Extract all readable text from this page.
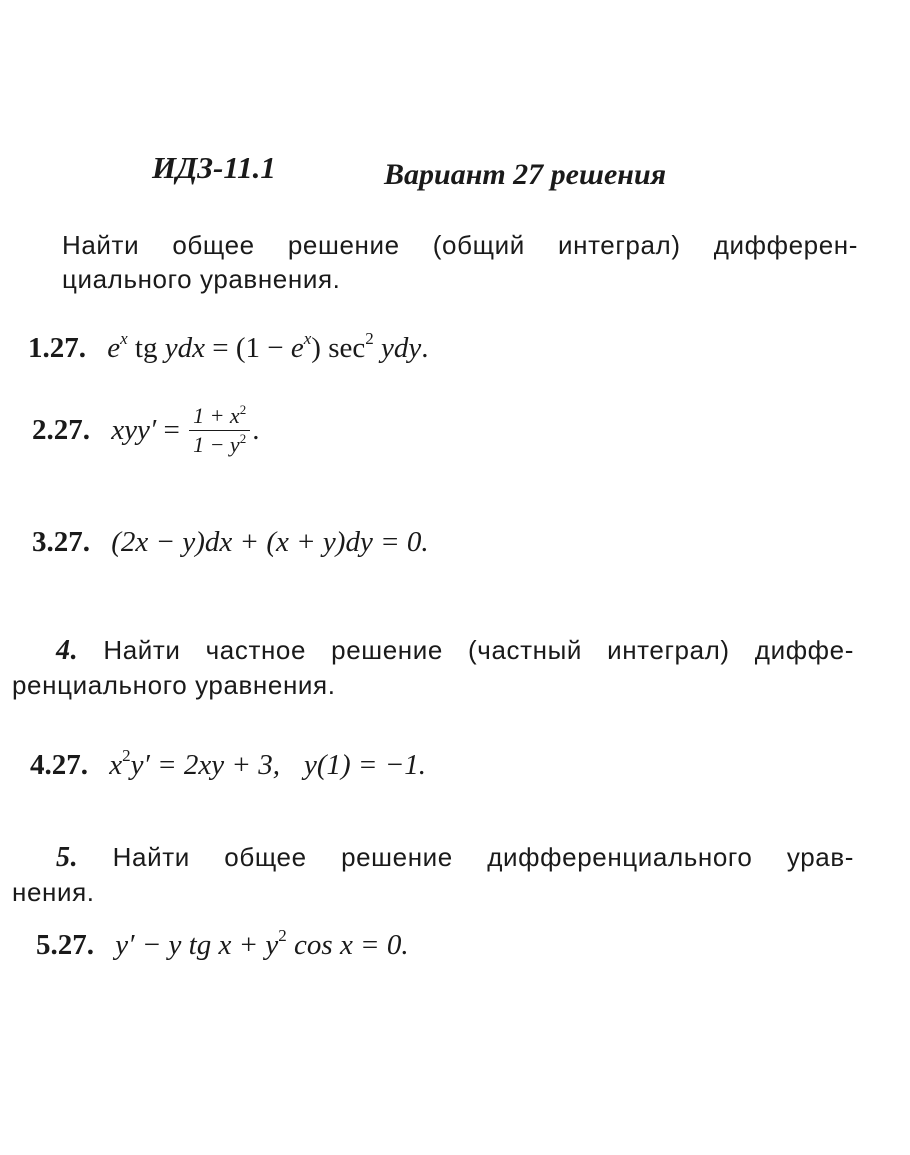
ИДЗ-11.1	Вариант 27 решения
Найти общее решение (общий интеграл) дифферен-
циального уравнения.
1.27. $e^x$ tg ydx = $(1 - e^x)$ $\sec^2$ ydy.
2.27. $xyy' = \frac{1 + x^2}{1 - y^2}$ .
3.27. (2x − y)dx + (x + y)dy = 0.
4. Найти частное решение (частный интеграл) диффе-
ренциального уравнения.
4.27. $x^2y' = 2xy + 3$, y(1) = −1.
5. Найти общее решение дифференциального урав-
нения.
5.27. y′ − y tg $x + y^2$ cos x = 0.
